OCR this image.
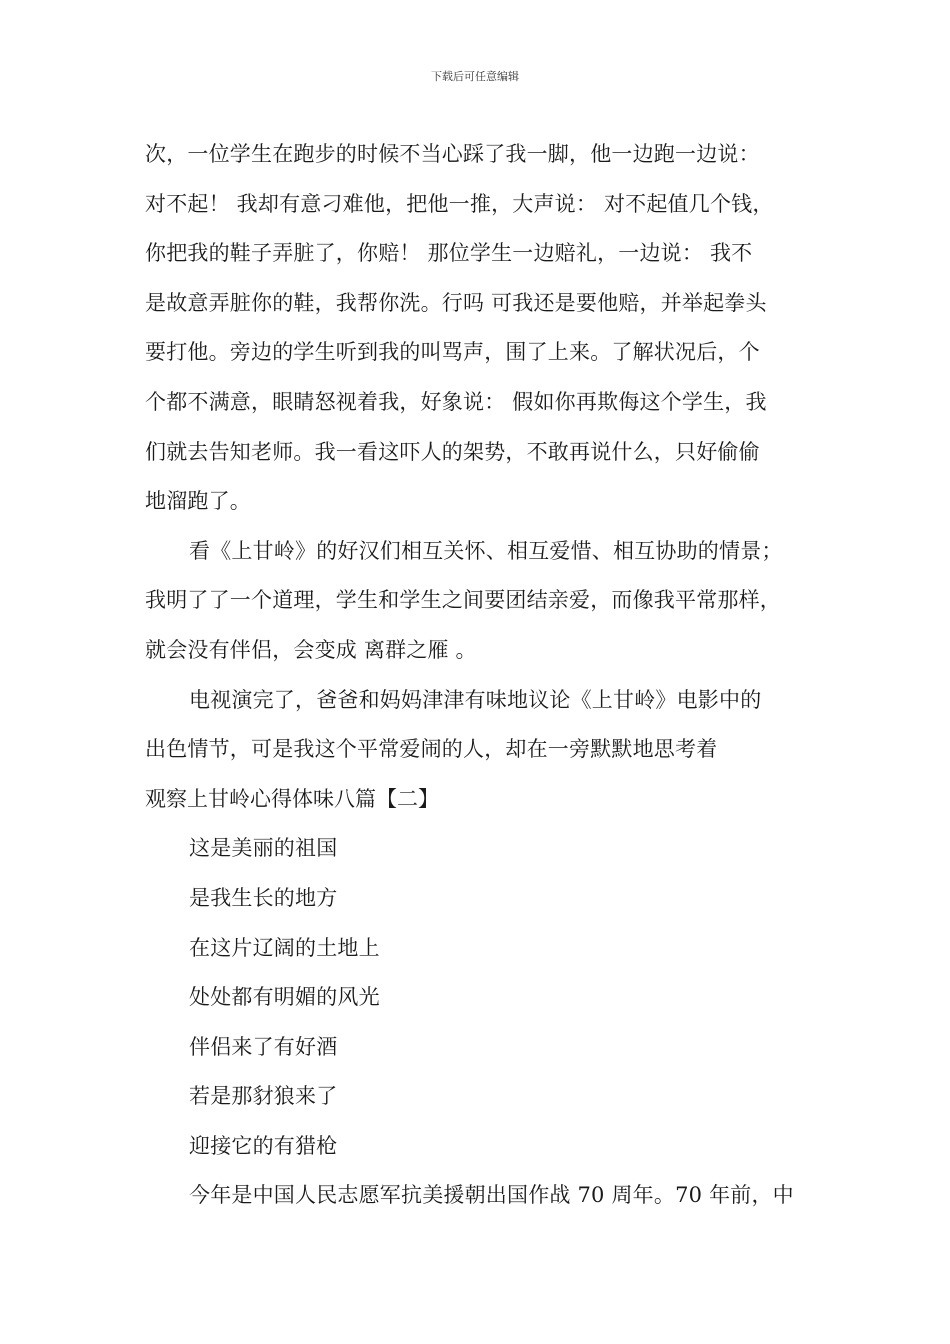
下载后可任意编辑
次，一位学生在跑步的时候不当心踩了我一脚，他一边跑一边说：
对不起！ 我却有意刁难他，把他一推，大声说： 对不起值几个钱，
你把我的鞋子弄脏了，你赔！ 那位学生一边赔礼，一边说： 我不
是故意弄脏你的鞋，我帮你洗。行吗 可我还是要他赔，并举起拳头
要打他。旁边的学生听到我的叫骂声，围了上来。了解状况后，个
个都不满意，眼睛怒视着我，好象说： 假如你再欺侮这个学生，我
们就去告知老师。我一看这吓人的架势，不敢再说什么，只好偷偷
地溜跑了。
看《上甘岭》的好汉们相互关怀、相互爱惜、相互协助的情景；
我明了了一个道理，学生和学生之间要团结亲爱，而像我平常那样，
就会没有伴侣，会变成 离群之雁 。
电视演完了，爸爸和妈妈津津有味地议论《上甘岭》电影中的
出色情节，可是我这个平常爱闹的人，却在一旁默默地思考着
观察上甘岭心得体味八篇【二】
这是美丽的祖国
是我生长的地方
在这片辽阔的土地上
处处都有明媚的风光
伴侣来了有好酒
若是那豺狼来了
迎接它的有猎枪
今年是中国人民志愿军抗美援朝出国作战 70 周年。70 年前，中
